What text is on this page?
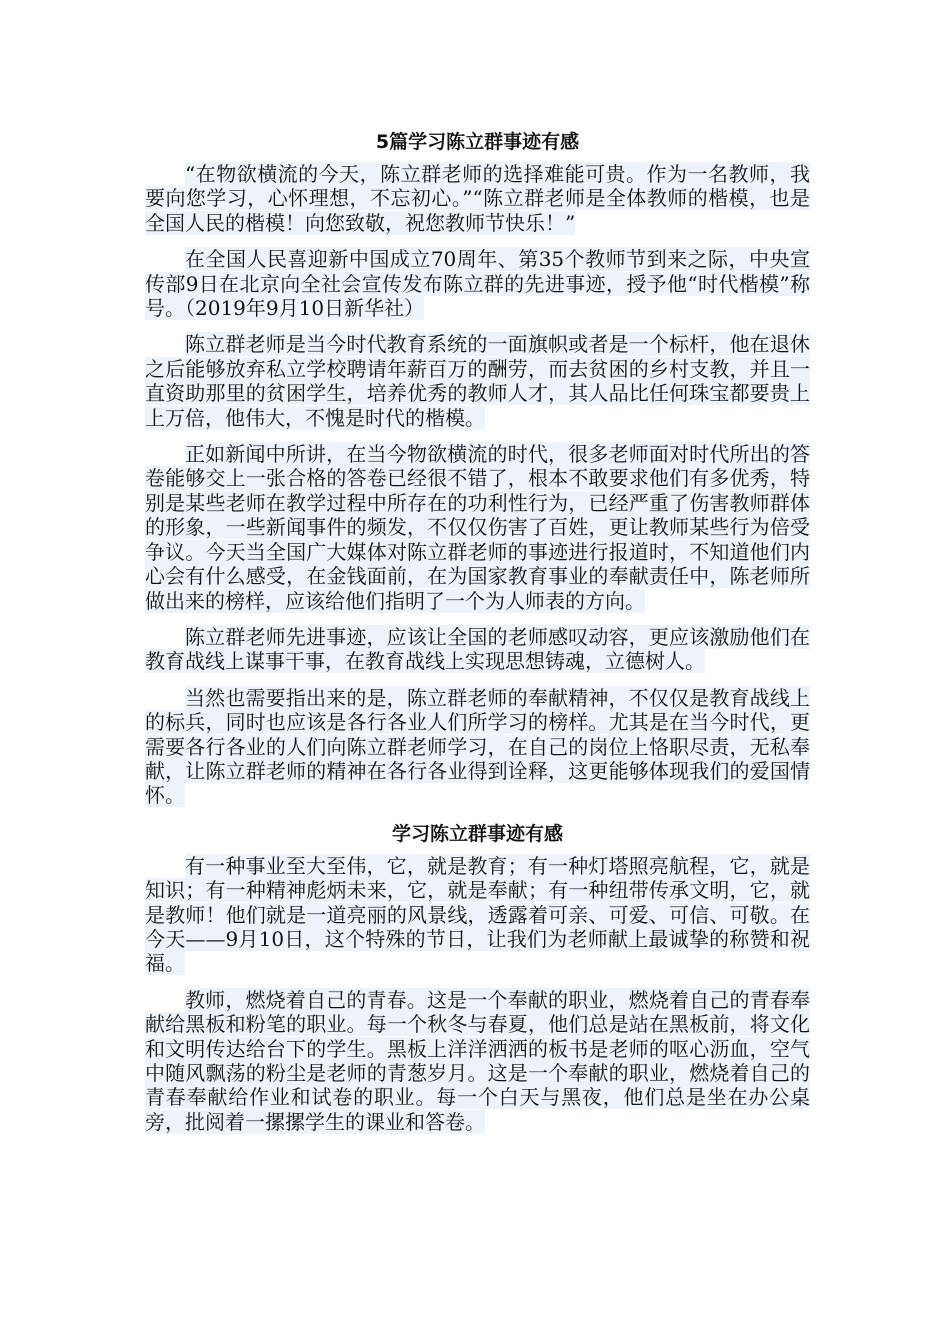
5篇学习陈立群事迹有感

“在物欲横流的今天，陈立群老师的选择难能可贵。作为一名教师，我要向您学习，心怀理想，不忘初心。”“陈立群老师是全体教师的楷模，也是全国人民的楷模！向您致敬，祝您教师节快乐！”

在全国人民喜迎新中国成立70周年、第35个教师节到来之际，中央宣传部9日在北京向全社会宣传发布陈立群的先进事迹，授予他“时代楷模”称号。（2019年9月10日新华社）

陈立群老师是当今时代教育系统的一面旗帜或者是一个标杆，他在退休之后能够放弃私立学校聘请年薪百万的酬劳，而去贫困的乡村支教，并且一直资助那里的贫困学生，培养优秀的教师人才，其人品比任何珠宝都要贵上上万倍，他伟大，不愧是时代的楷模。

正如新闻中所讲，在当今物欲横流的时代，很多老师面对时代所出的答卷能够交上一张合格的答卷已经很不错了，根本不敢要求他们有多优秀，特别是某些老师在教学过程中所存在的功利性行为，已经严重了伤害教师群体的形象，一些新闻事件的频发，不仅仅伤害了百姓，更让教师某些行为倍受争议。今天当全国广大媒体对陈立群老师的事迹进行报道时，不知道他们内心会有什么感受，在金钱面前，在为国家教育事业的奉献责任中，陈老师所做出来的榜样，应该给他们指明了一个为人师表的方向。

陈立群老师先进事迹，应该让全国的老师感叹动容，更应该激励他们在教育战线上谋事干事，在教育战线上实现思想铸魂，立德树人。

当然也需要指出来的是，陈立群老师的奉献精神，不仅仅是教育战线上的标兵，同时也应该是各行各业人们所学习的榜样。尤其是在当今时代，更需要各行各业的人们向陈立群老师学习，在自己的岗位上恪职尽责，无私奉献，让陈立群老师的精神在各行各业得到诠释，这更能够体现我们的爱国情怀。

学习陈立群事迹有感

有一种事业至大至伟，它，就是教育；有一种灯塔照亮航程，它，就是知识；有一种精神彪炳未来，它，就是奉献；有一种纽带传承文明，它，就是教师！他们就是一道亮丽的风景线，透露着可亲、可爱、可信、可敬。在今天——9月10日，这个特殊的节日，让我们为老师献上最诚挚的称赞和祝福。

教师，燃烧着自己的青春。这是一个奉献的职业，燃烧着自己的青春奉献给黑板和粉笔的职业。每一个秋冬与春夏，他们总是站在黑板前，将文化和文明传达给台下的学生。黑板上洋洋洒洒的板书是老师的呕心沥血，空气中随风飘荡的粉尘是老师的青葱岁月。这是一个奉献的职业，燃烧着自己的青春奉献给作业和试卷的职业。每一个白天与黑夜，他们总是坐在办公桌旁，批阅着一摞摞学生的课业和答卷。
